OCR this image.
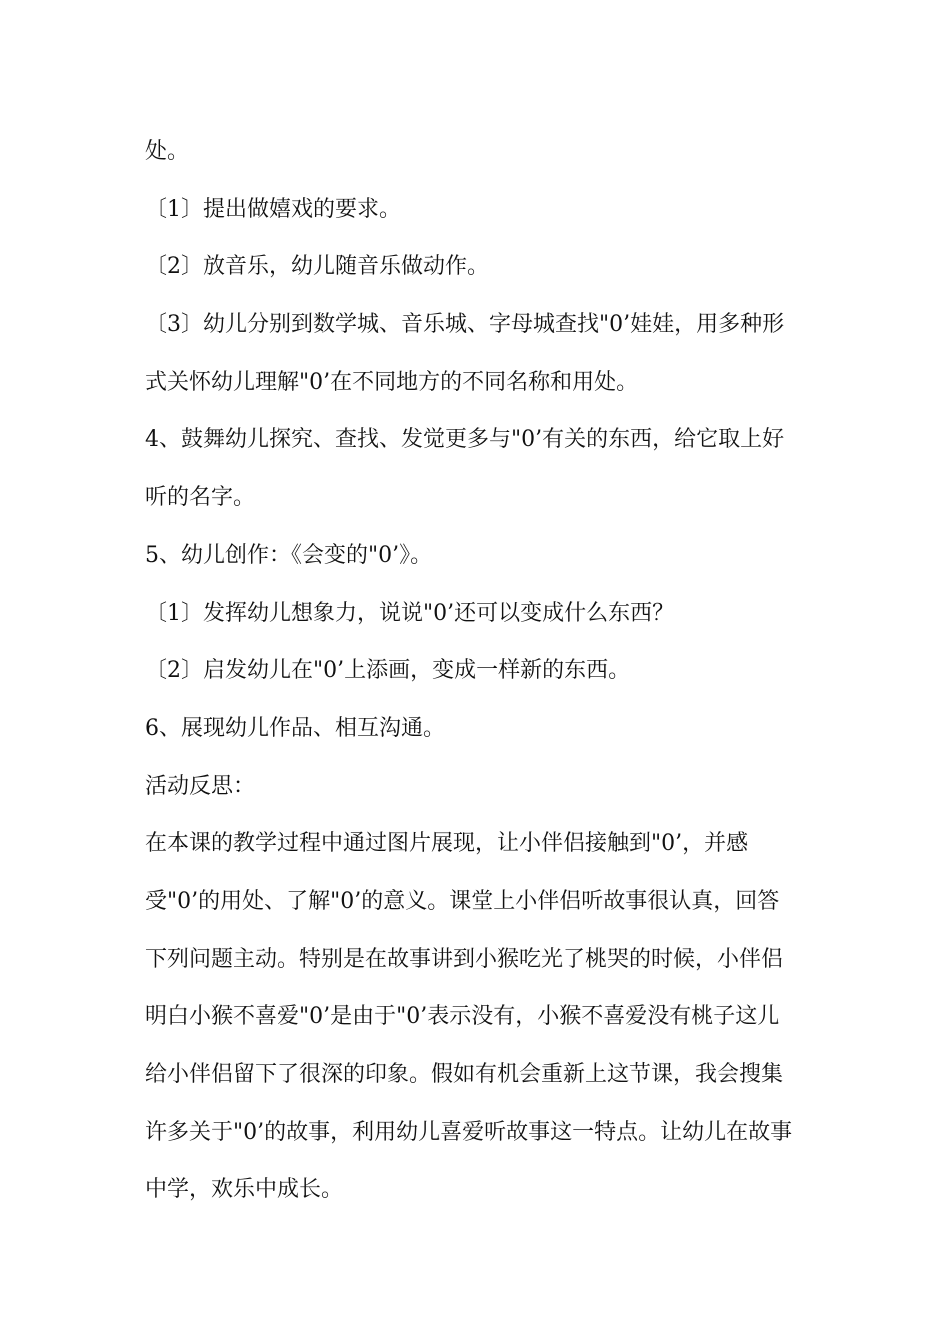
处。
〔1〕提出做嬉戏的要求。
〔2〕放音乐，幼儿随音乐做动作。
〔3〕幼儿分别到数学城、音乐城、字母城查找"0’娃娃，用多种形
式关怀幼儿理解"0’在不同地方的不同名称和用处。
4、鼓舞幼儿探究、查找、发觉更多与"0’有关的东西，给它取上好
听的名字。
5、幼儿创作：《会变的"0’》。
〔1〕发挥幼儿想象力，说说"0’还可以变成什么东西？
〔2〕启发幼儿在"0’上添画，变成一样新的东西。
6、展现幼儿作品、相互沟通。
活动反思：
在本课的教学过程中通过图片展现，让小伴侣接触到"0’，并感
受"0’的用处、了解"0’的意义。课堂上小伴侣听故事很认真，回答
下列问题主动。特别是在故事讲到小猴吃光了桃哭的时候，小伴侣
明白小猴不喜爱"0’是由于"0’表示没有，小猴不喜爱没有桃子这儿
给小伴侣留下了很深的印象。假如有机会重新上这节课，我会搜集
许多关于"0’的故事，利用幼儿喜爱听故事这一特点。让幼儿在故事
中学，欢乐中成长。
